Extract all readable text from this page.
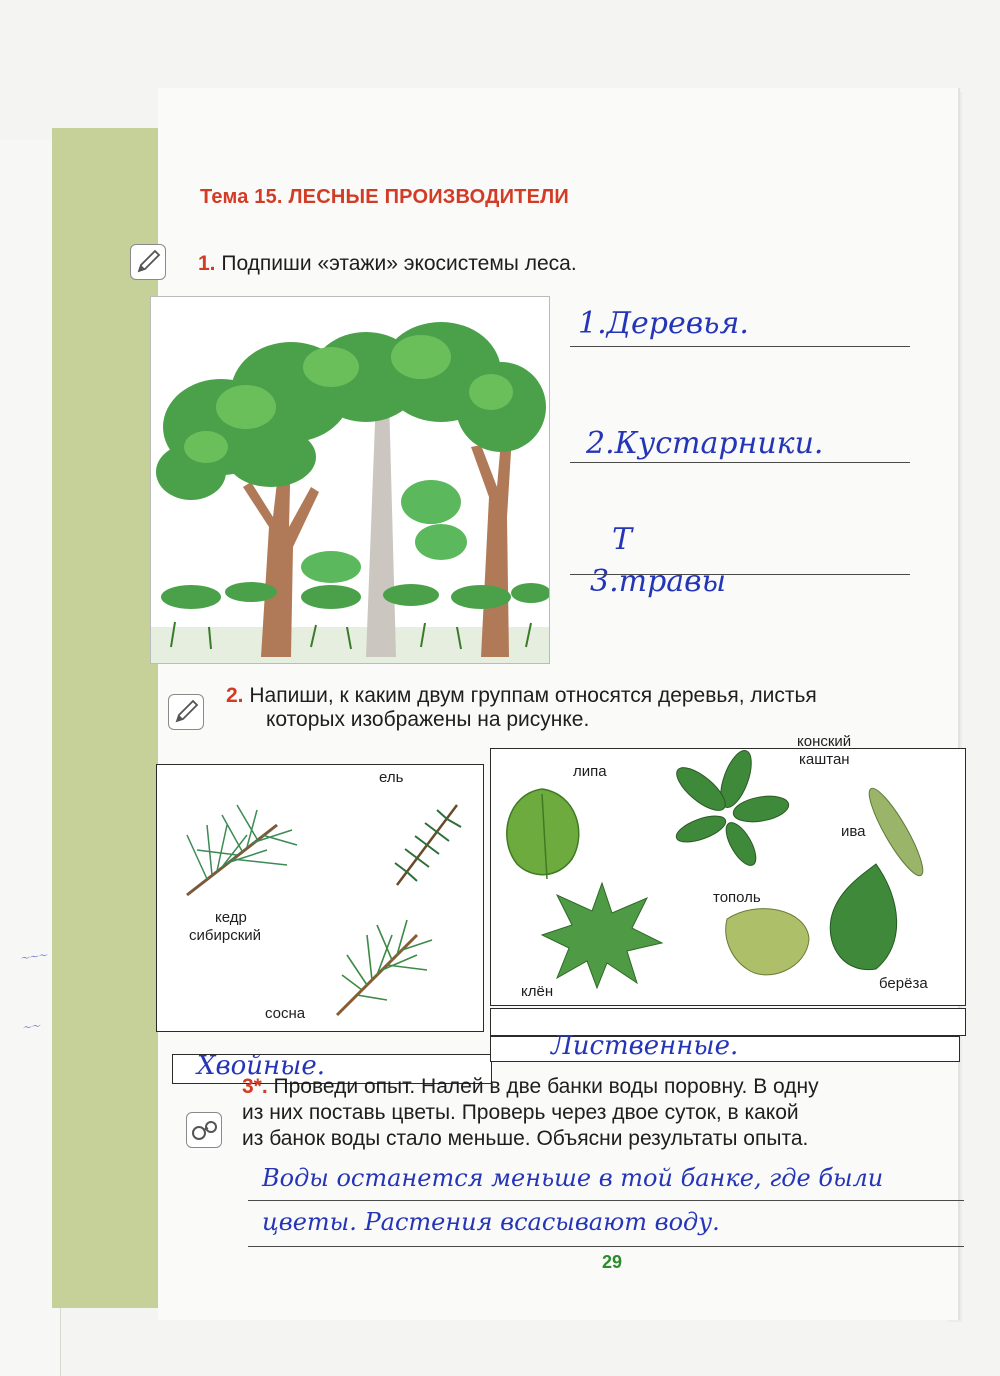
～～～
～～
Тема 15. ЛЕСНЫЕ ПРОИЗВОДИТЕЛИ
1. Подпиши «этажи» экосистемы леса.
1.Деревья.
2.Кустарники.
Т
3.травы
2. Напиши, к каким двум группам относятся деревья, листья
которых изображены на рисунке.
ель
кедр
сибирский
сосна
липа
конский
каштан
ива
тополь
клён	берёза
Хвойные.
Лиственные.
3*. Проведи опыт. Налей в две банки воды поровну. В одну
из них поставь цветы. Проверь через двое суток, в какой
из банок воды стало меньше. Объясни результаты опыта.
Воды останется меньше в той банке, где были
цветы. Растения всасывают воду.
29
